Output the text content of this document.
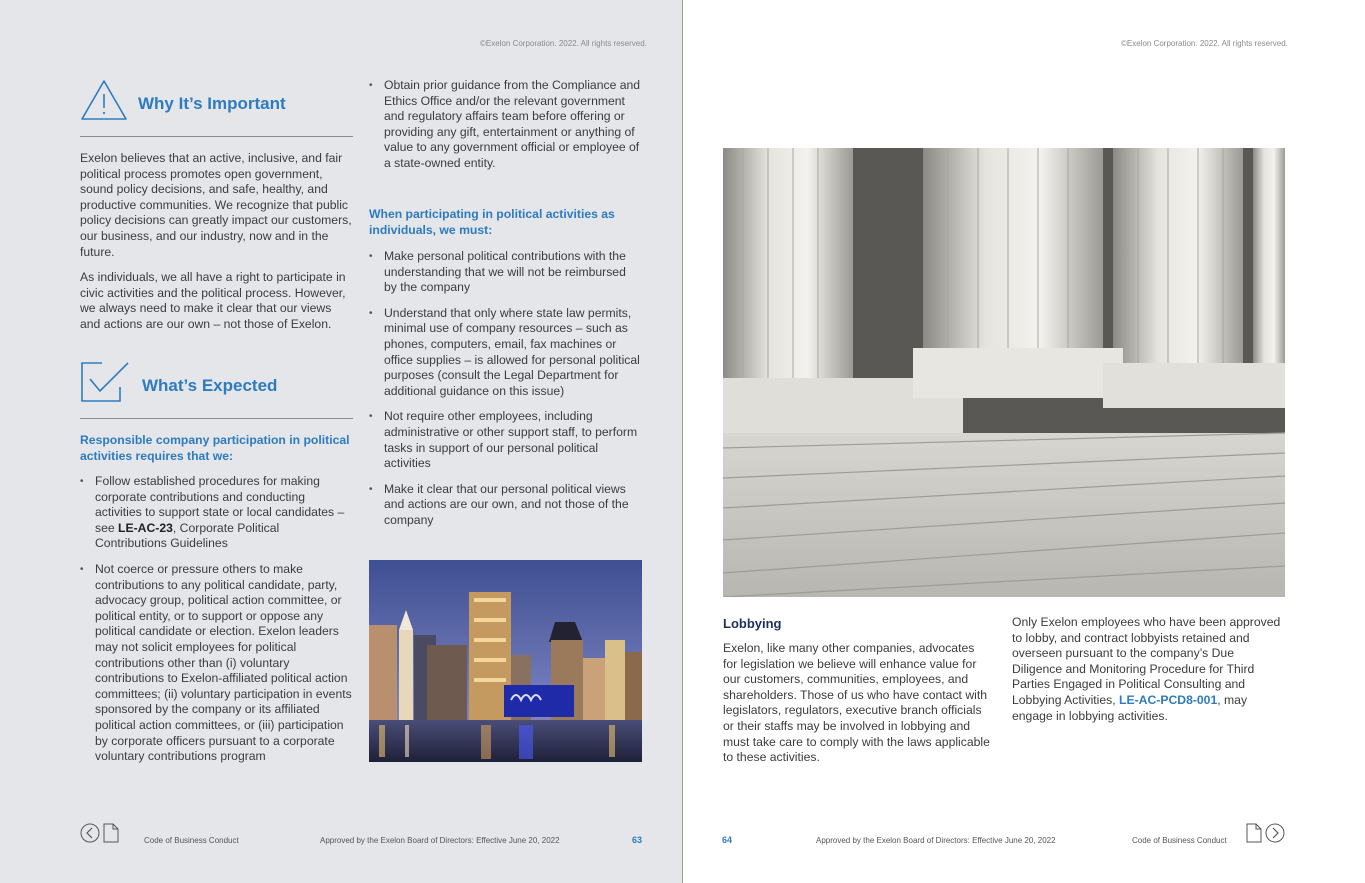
©Exelon Corporation. 2022. All rights reserved.
Why It’s Important

Exelon believes that an active, inclusive, and fair political process promotes open government, sound policy decisions, and safe, healthy, and productive communities. We recognize that public policy decisions can greatly impact our customers, our business, and our industry, now and in the future.

As individuals, we all have a right to participate in civic activities and the political process. However, we always need to make it clear that our views and actions are our own – not those of Exelon.

What’s Expected
Responsible company participation in political activities requires that we:
• Follow established procedures for making corporate contributions and conducting activities to support state or local candidates – see LE-AC-23, Corporate Political Contributions Guidelines
• Not coerce or pressure others to make contributions to any political candidate, party, advocacy group, political action committee, or political entity, or to support or oppose any political candidate or election. Exelon leaders may not solicit employees for political contributions other than (i) voluntary contributions to Exelon-affiliated political action committees; (ii) voluntary participation in events sponsored by the company or its affiliated political action committees, or (iii) participation by corporate officers pursuant to a corporate voluntary contributions program
• Obtain prior guidance from the Compliance and Ethics Office and/or the relevant government and regulatory affairs team before offering or providing any gift, entertainment or anything of value to any government official or employee of a state-owned entity.
When participating in political activities as individuals, we must:
• Make personal political contributions with the understanding that we will not be reimbursed by the company
• Understand that only where state law permits, minimal use of company resources – such as phones, computers, email, fax machines or office supplies – is allowed for personal political purposes (consult the Legal Department for additional guidance on this issue)
• Not require other employees, including administrative or other support staff, to perform tasks in support of our personal political activities
• Make it clear that our personal political views and actions are our own, and not those of the company
Code of Business Conduct	Approved by the Exelon Board of Directors: Effective June 20, 2022	63
©Exelon Corporation. 2022. All rights reserved.
Lobbying

Exelon, like many other companies, advocates for legislation we believe will enhance value for our customers, communities, employees, and shareholders. Those of us who have contact with legislators, regulators, executive branch officials or their staffs may be involved in lobbying and must take care to comply with the laws applicable to these activities.

Only Exelon employees who have been approved to lobby, and contract lobbyists retained and overseen pursuant to the company’s Due Diligence and Monitoring Procedure for Third Parties Engaged in Political Consulting and Lobbying Activities, LE-AC-PCD8-001, may engage in lobbying activities.

64	Approved by the Exelon Board of Directors: Effective June 20, 2022	Code of Business Conduct
